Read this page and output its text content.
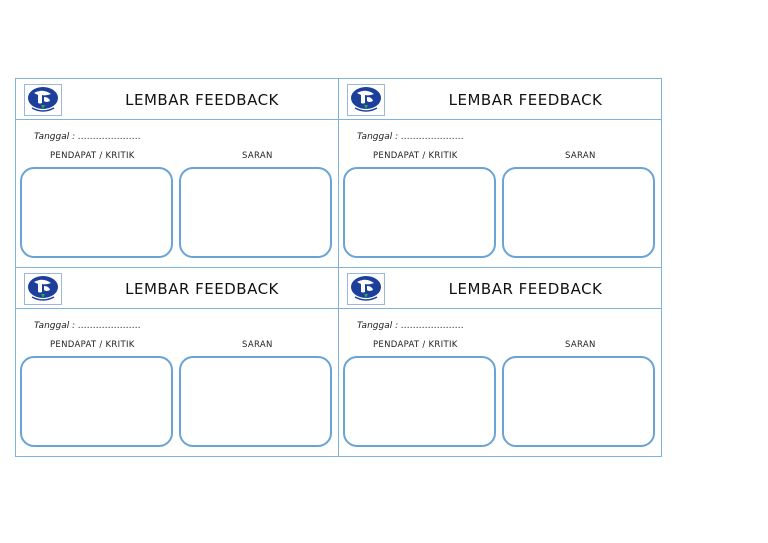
LEMBAR FEEDBACK
Tanggal : …………………
PENDAPAT / KRITIK	SARAN
LEMBAR FEEDBACK
Tanggal : …………………
PENDAPAT / KRITIK	SARAN
LEMBAR FEEDBACK
Tanggal : …………………
PENDAPAT / KRITIK	SARAN
LEMBAR FEEDBACK
Tanggal : …………………
PENDAPAT / KRITIK	SARAN
